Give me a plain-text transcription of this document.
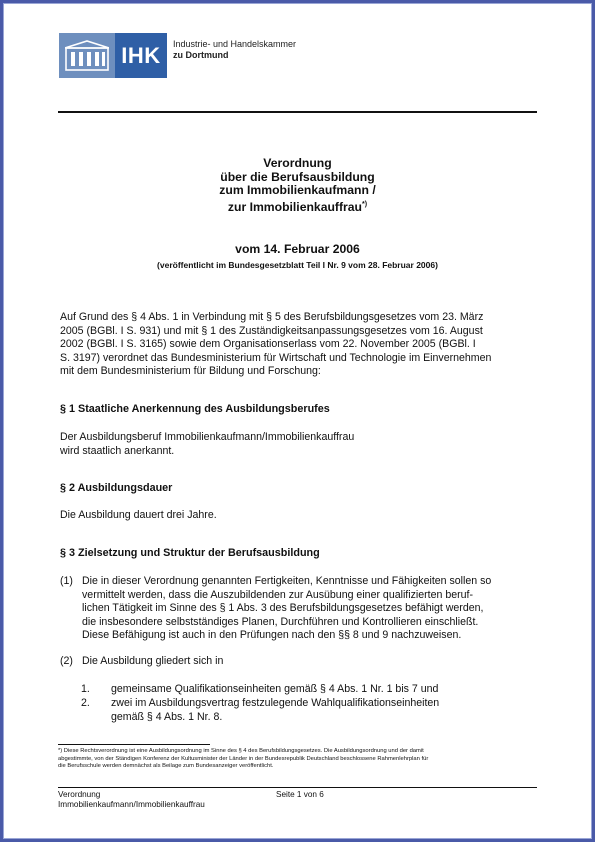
IHK	Industrie- und Handelskammer
zu Dortmund
Verordnung
über die Berufsausbildung
zum Immobilienkaufmann /
zur Immobilienkauffrau*)
vom 14. Februar 2006
(veröffentlicht im Bundesgesetzblatt Teil I Nr. 9 vom 28. Februar 2006)
Auf Grund des § 4 Abs. 1 in Verbindung mit § 5 des Berufsbildungsgesetzes vom 23. März
2005 (BGBl. I S. 931) und mit § 1 des Zuständigkeitsanpassungsgesetzes vom 16. August
2002 (BGBl. I S. 3165) sowie dem Organisationserlass vom 22. November 2005 (BGBl. I
S. 3197) verordnet das Bundesministerium für Wirtschaft und Technologie im Einvernehmen
mit dem Bundesministerium für Bildung und Forschung:
§ 1 Staatliche Anerkennung des Ausbildungsberufes
Der Ausbildungsberuf Immobilienkaufmann/Immobilienkauffrau
wird staatlich anerkannt.
§ 2 Ausbildungsdauer
Die Ausbildung dauert drei Jahre.
§ 3 Zielsetzung und Struktur der Berufsausbildung
(1) Die in dieser Verordnung genannten Fertigkeiten, Kenntnisse und Fähigkeiten sollen so
vermittelt werden, dass die Auszubildenden zur Ausübung einer qualifizierten beruf-
lichen Tätigkeit im Sinne des § 1 Abs. 3 des Berufsbildungsgesetzes befähigt werden,
die insbesondere selbstständiges Planen, Durchführen und Kontrollieren einschließt.
Diese Befähigung ist auch in den Prüfungen nach den §§ 8 und 9 nachzuweisen.
(2) Die Ausbildung gliedert sich in
1. gemeinsame Qualifikationseinheiten gemäß § 4 Abs. 1 Nr. 1 bis 7 und
2. zwei im Ausbildungsvertrag festzulegende Wahlqualifikationseinheiten
gemäß § 4 Abs. 1 Nr. 8.
*) Diese Rechtsverordnung ist eine Ausbildungsordnung im Sinne des § 4 des Berufsbildungsgesetzes. Die Ausbildungsordnung und der damit
abgestimmte, von der Ständigen Konferenz der Kultusminister der Länder in der Bundesrepublik Deutschland beschlossene Rahmenlehrplan für
die Berufsschule werden demnächst als Beilage zum Bundesanzeiger veröffentlicht.
Verordnung
Immobilienkaufmann/Immobilienkauffrau
Seite 1 von 6
